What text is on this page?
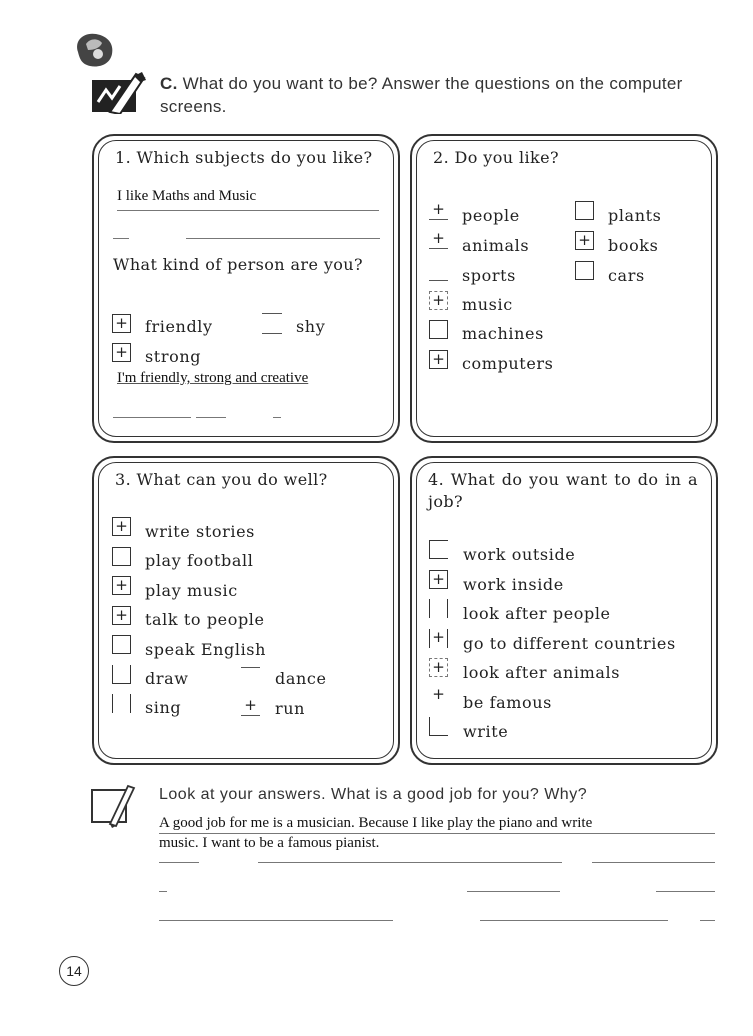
C. What do you want to be? Answer the questions on the computer screens.
1. Which subjects do you like?
I like Maths and Music
What kind of person are you?
+ friendly	shy
+ strong
I'm friendly, strong and creative
2. Do you like?
+ people
+ animals
sports
+ music
machines
+ computers
plants
+ books
cars
3. What can you do well?
+ write stories
play football
+ play music
+ talk to people
speak English
draw
sing
dance
+ run
4. What do you want to do in a job?
work outside
+ work inside
look after people
+ go to different countries
+ look after animals
+ be famous
write
Look at your answers. What is a good job for you? Why?
A good job for me is a musician. Because I like play the piano and write
music. I want to be a famous pianist.
14
